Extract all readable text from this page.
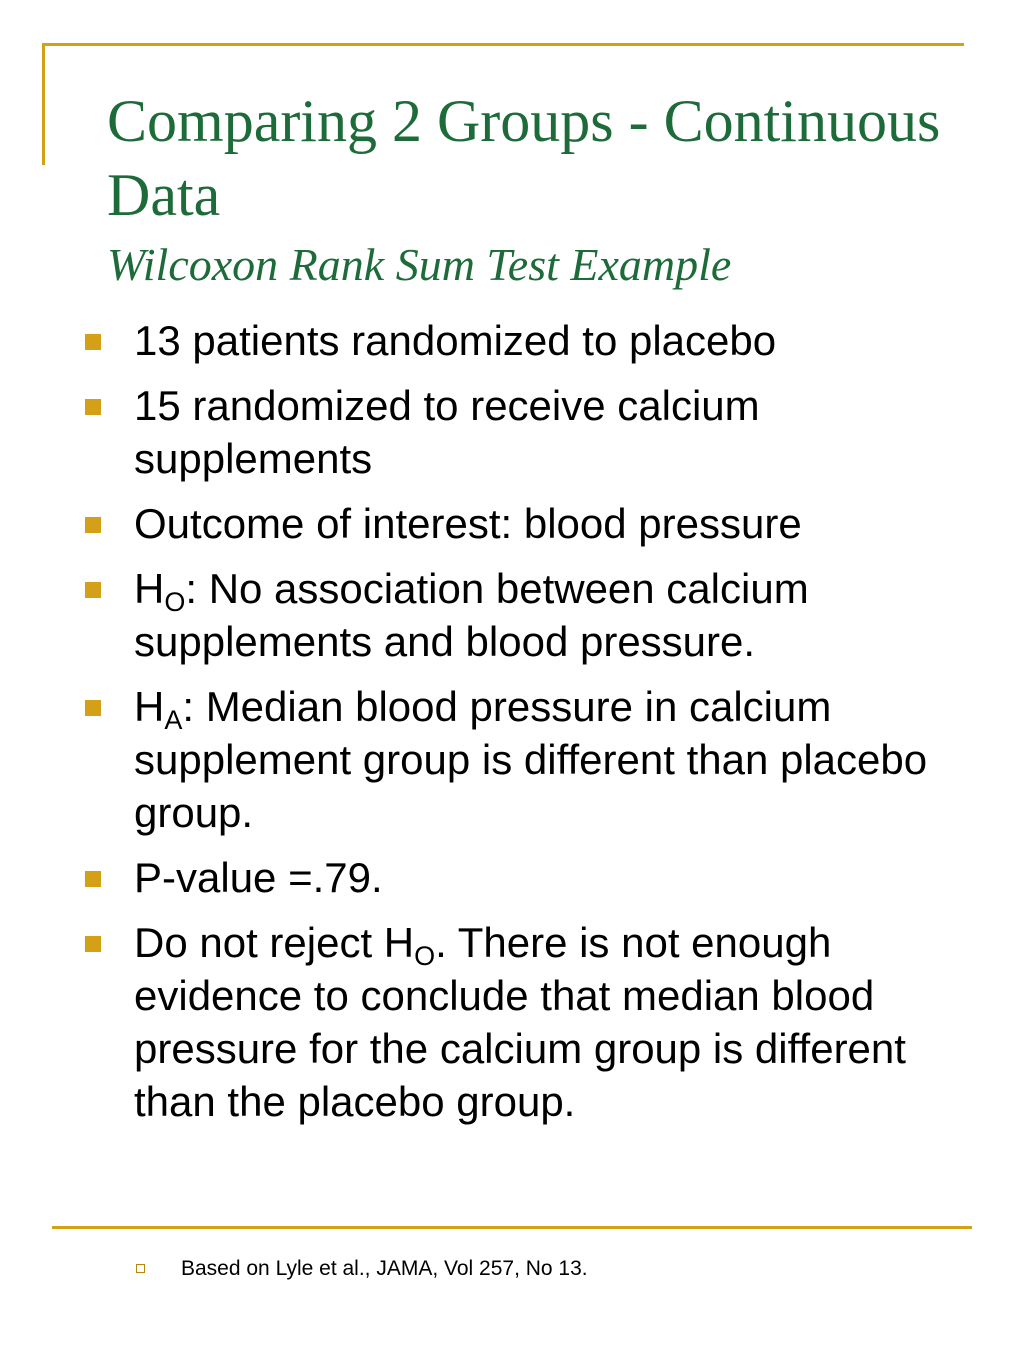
Comparing 2 Groups - Continuous Data
Wilcoxon Rank Sum Test Example
13 patients randomized to placebo
15 randomized to receive calcium supplements
Outcome of interest: blood pressure
$H_O$: No association between calcium supplements and blood pressure.
$H_A$: Median blood pressure in calcium supplement group is different than placebo group.
P-value =.79.
Do not reject $H_O$. There is not enough evidence to conclude that median blood pressure for the calcium group is different than the placebo group.
Based on Lyle et al., JAMA, Vol 257, No 13.
